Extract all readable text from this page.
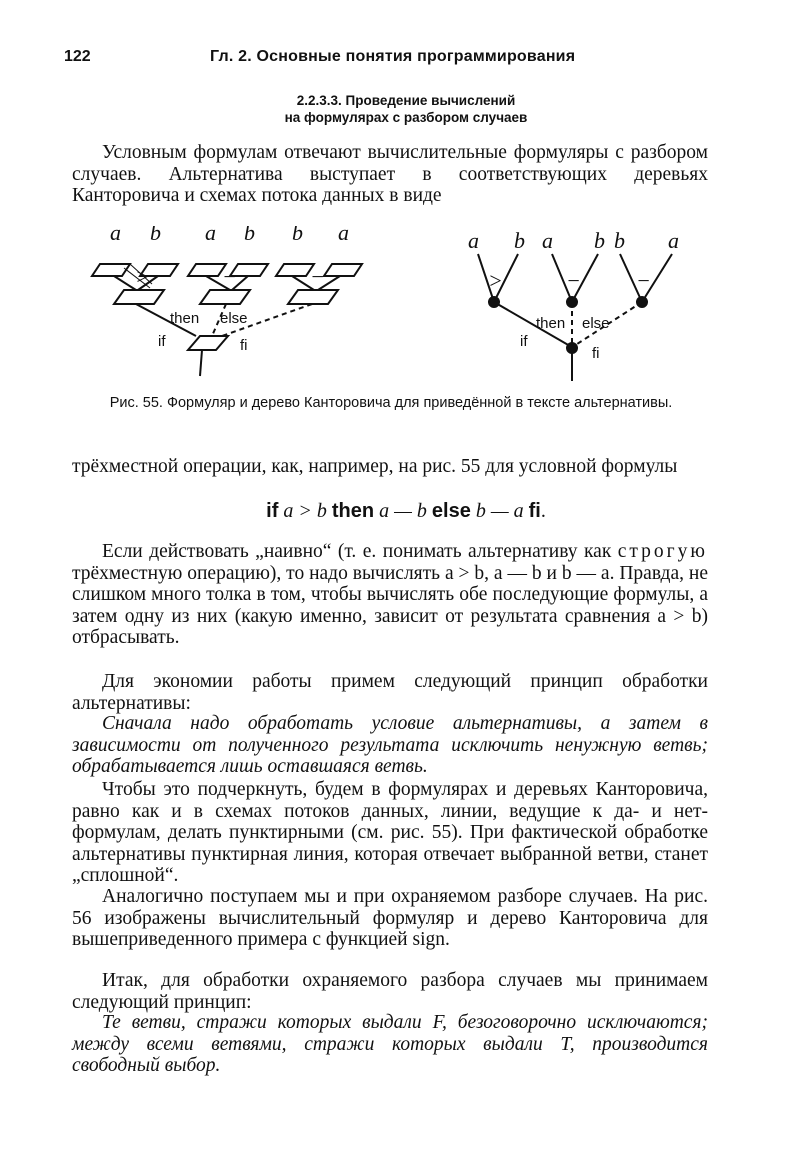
122	Гл. 2. Основные понятия программирования
2.2.3.3. Проведение вычислений
на формулярах с разбором случаев

Условным формулам отвечают вычислительные формуляры с разбором случаев. Альтернатива выступает в соответствующих деревьях Канторовича и схемах потока данных в виде

a b a b b a
>	−	−
then else
if	fi
a b a b b a
>	−	−
then else
if
fi
Рис. 55. Формуляр и дерево Канторовича для приведённой в тексте альтернативы.

трёхместной операции, как, например, на рис. 55 для условной формулы

if a > b then a — b else b — a fi.

Если действовать „наивно“ (т. е. понимать альтернативу как строгую трёхместную операцию), то надо вычислять a > b, a — b и b — a. Правда, не слишком много толка в том, чтобы вычислять обе последующие формулы, а затем одну из них (какую именно, зависит от результата сравнения a > b) отбрасывать.

Для экономии работы примем следующий принцип обработки альтернативы:

Сначала надо обработать условие альтернативы, а затем в зависимости от полученного результата исключить ненужную ветвь; обрабатывается лишь оставшаяся ветвь.

Чтобы это подчеркнуть, будем в формулярах и деревьях Канторовича, равно как и в схемах потоков данных, линии, ведущие к да- и нет-формулам, делать пунктирными (см. рис. 55). При фактической обработке альтернативы пунктирная линия, которая отвечает выбранной ветви, станет „сплошной“.

Аналогично поступаем мы и при охраняемом разборе случаев. На рис. 56 изображены вычислительный формуляр и дерево Канторовича для вышеприведенного примера с функцией sign.

Итак, для обработки охраняемого разбора случаев мы принимаем следующий принцип:

Те ветви, стражи которых выдали F, безоговорочно исключаются; между всеми ветвями, стражи которых выдали T, производится свободный выбор.
